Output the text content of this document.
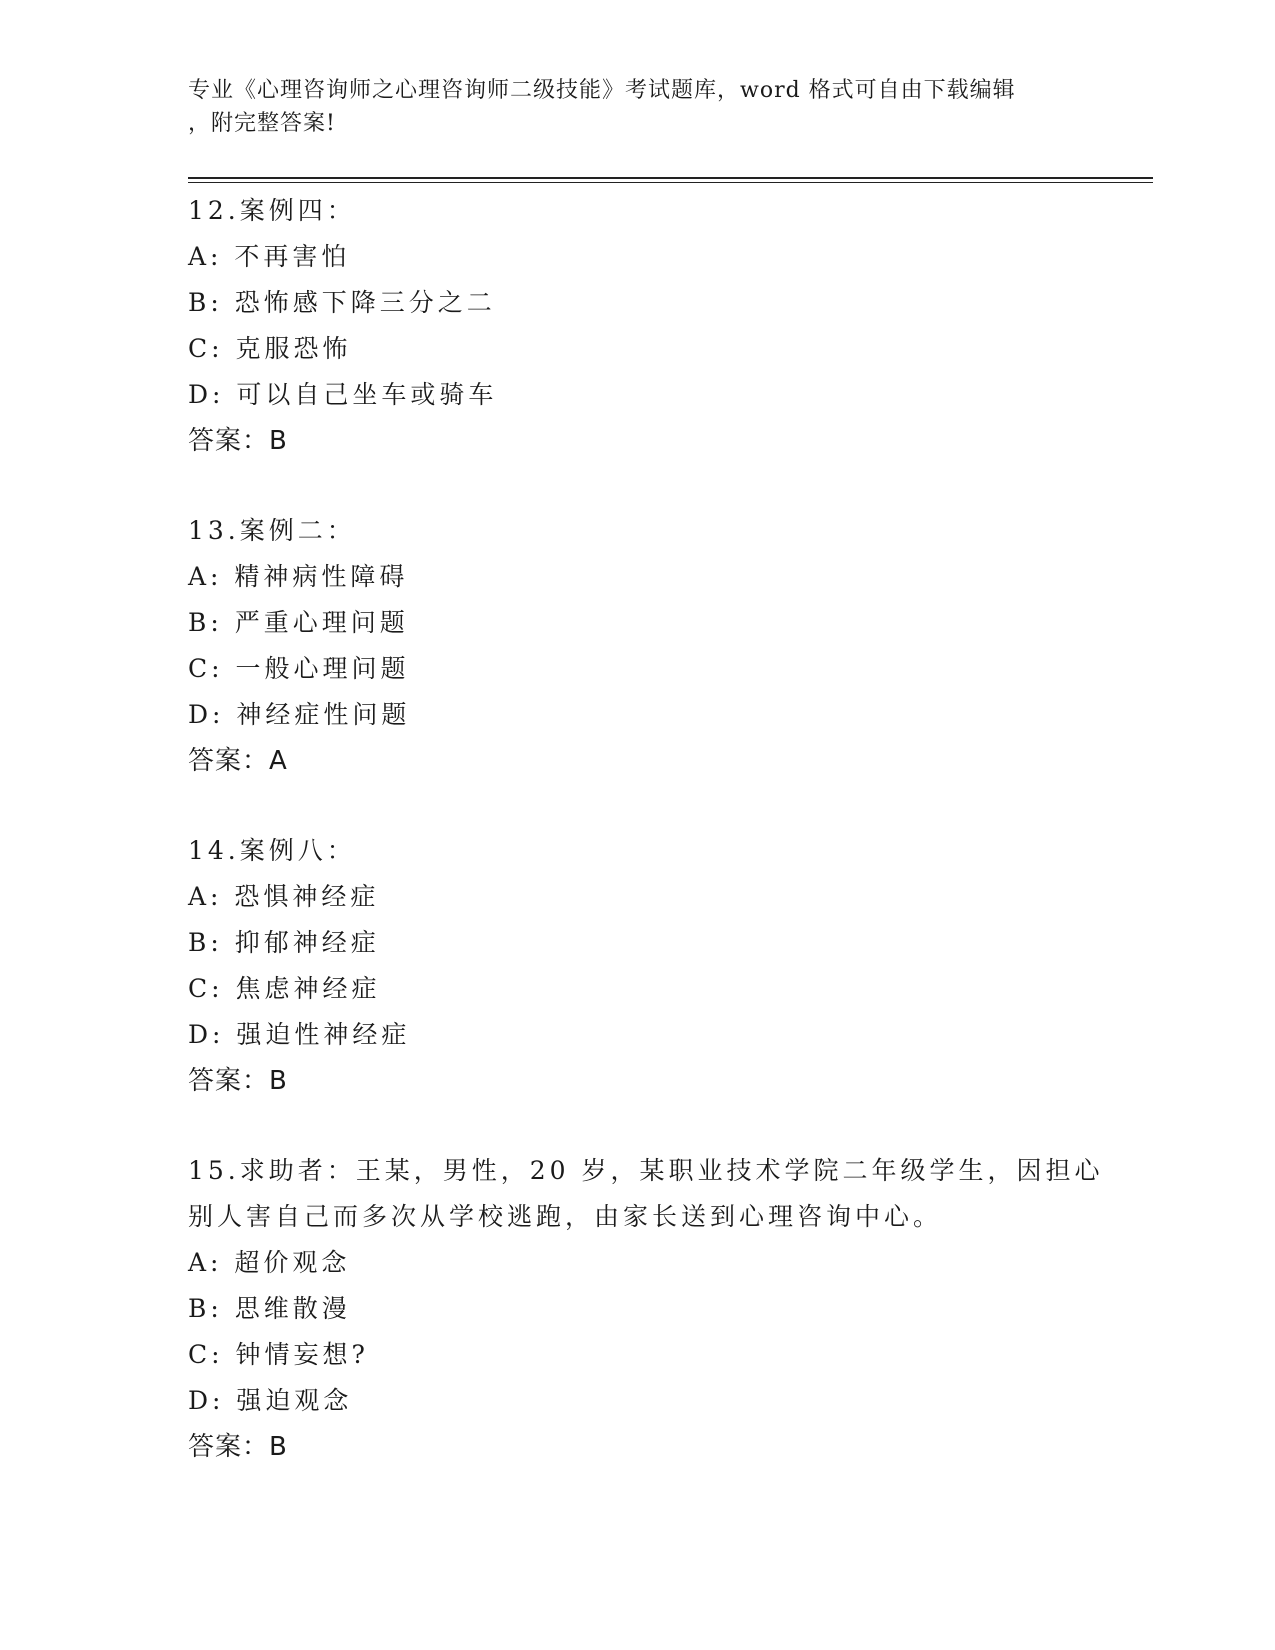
专业《心理咨询师之心理咨询师二级技能》考试题库，word 格式可自由下载编辑
，附完整答案!
12.案例四：
A: 不再害怕
B: 恐怖感下降三分之二
C: 克服恐怖
D: 可以自己坐车或骑车
答案：B
13.案例二：
A: 精神病性障碍
B: 严重心理问题
C: 一般心理问题
D: 神经症性问题
答案：A
14.案例八：
A: 恐惧神经症
B: 抑郁神经症
C: 焦虑神经症
D: 强迫性神经症
答案：B
15.求助者：王某，男性，20 岁，某职业技术学院二年级学生，因担心
别人害自己而多次从学校逃跑，由家长送到心理咨询中心。
A: 超价观念
B: 思维散漫
C: 钟情妄想?
D: 强迫观念
答案：B
